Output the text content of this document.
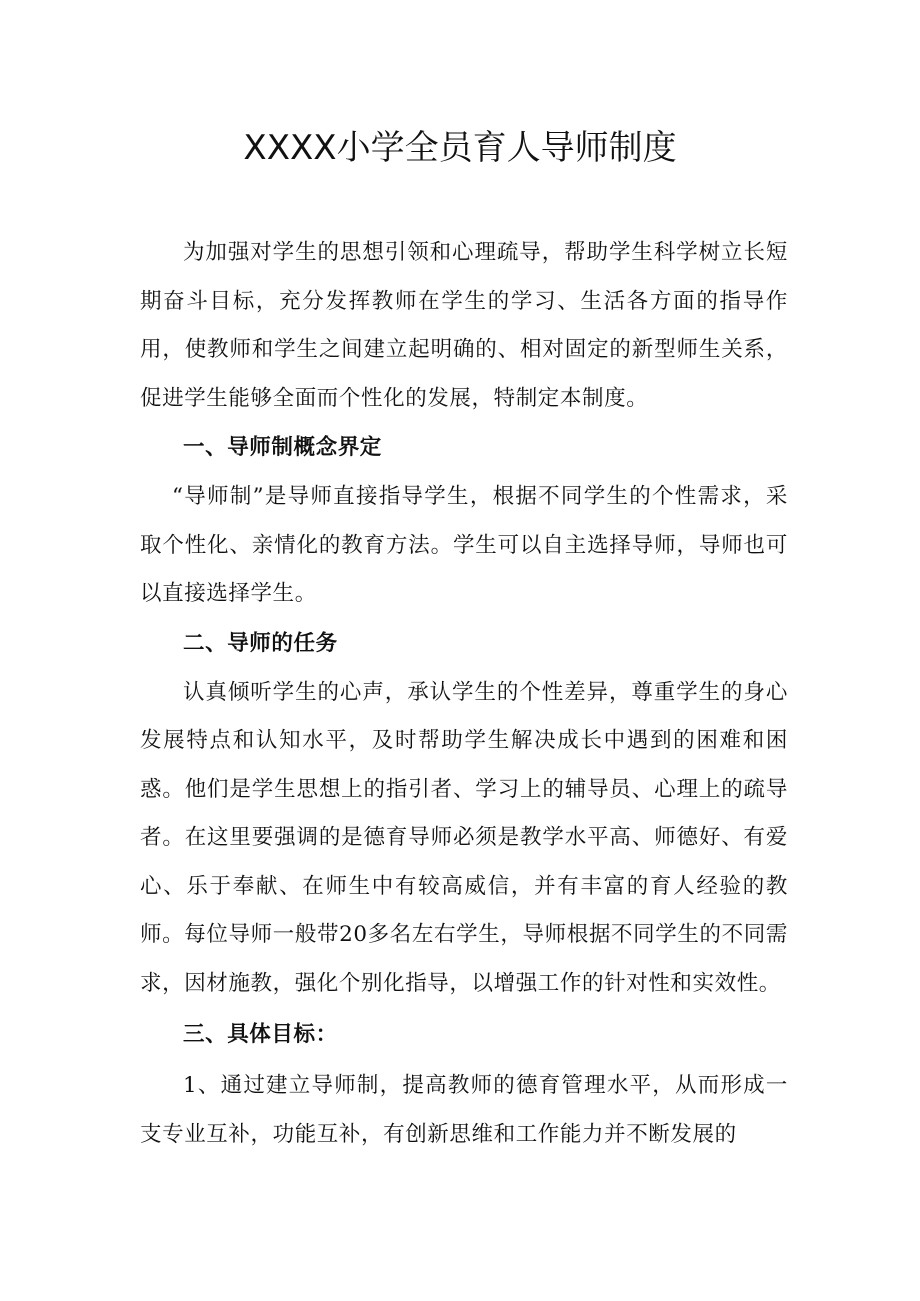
XXXX小学全员育人导师制度

为加强对学生的思想引领和心理疏导，帮助学生科学树立长短期奋斗目标，充分发挥教师在学生的学习、生活各方面的指导作用，使教师和学生之间建立起明确的、相对固定的新型师生关系，促进学生能够全面而个性化的发展，特制定本制度。

一、导师制概念界定

“导师制”是导师直接指导学生，根据不同学生的个性需求，采取个性化、亲情化的教育方法。学生可以自主选择导师，导师也可以直接选择学生。

二、导师的任务

认真倾听学生的心声，承认学生的个性差异，尊重学生的身心发展特点和认知水平，及时帮助学生解决成长中遇到的困难和困惑。他们是学生思想上的指引者、学习上的辅导员、心理上的疏导者。在这里要强调的是德育导师必须是教学水平高、师德好、有爱心、乐于奉献、在师生中有较高威信，并有丰富的育人经验的教师。每位导师一般带20多名左右学生，导师根据不同学生的不同需求，因材施教，强化个别化指导，以增强工作的针对性和实效性。

三、具体目标：

1、通过建立导师制，提高教师的德育管理水平，从而形成一支专业互补，功能互补，有创新思维和工作能力并不断发展的
